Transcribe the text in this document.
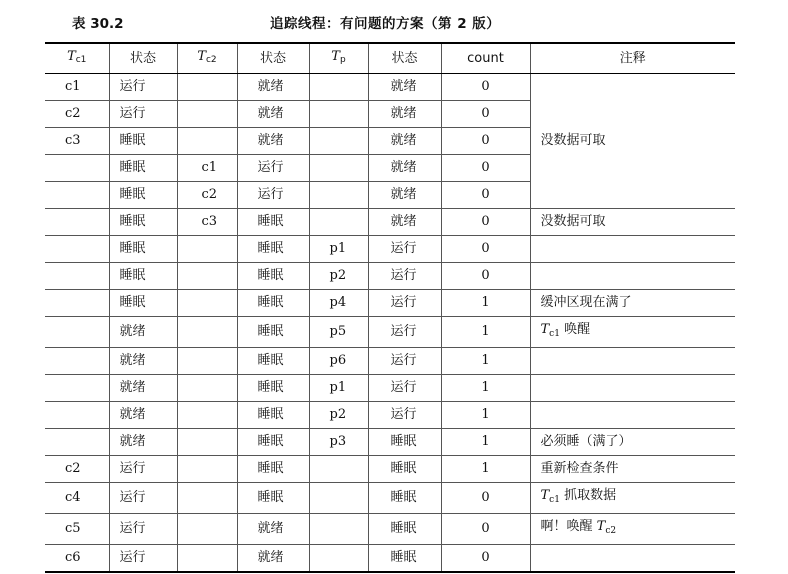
表 30.2	追踪线程：有问题的方案（第 2 版）
Tc1	状态	Tc2	状态	Tp	状态	count	注释
c1	运行		就绪		就绪	0	没数据可取
c2	运行		就绪		就绪	0	
c3	睡眠		就绪		就绪	0	
	睡眠	c1	运行		就绪	0	
	睡眠	c2	运行		就绪	0	
	睡眠	c3	睡眠		就绪	0	没数据可取
	睡眠		睡眠	p1	运行	0	
	睡眠		睡眠	p2	运行	0	
	睡眠		睡眠	p4	运行	1	缓冲区现在满了
	就绪		睡眠	p5	运行	1	$T_{c1}$ 唤醒
	就绪		睡眠	p6	运行	1	
	就绪		睡眠	p1	运行	1	
	就绪		睡眠	p2	运行	1	
	就绪		睡眠	p3	睡眠	1	必须睡（满了）
c2	运行		睡眠		睡眠	1	重新检查条件
c4	运行		睡眠		睡眠	0	$T_{c1}$ 抓取数据
c5	运行		就绪		睡眠	0	啊！唤醒 $T_{c2}$
c6	运行		就绪		睡眠	0	
